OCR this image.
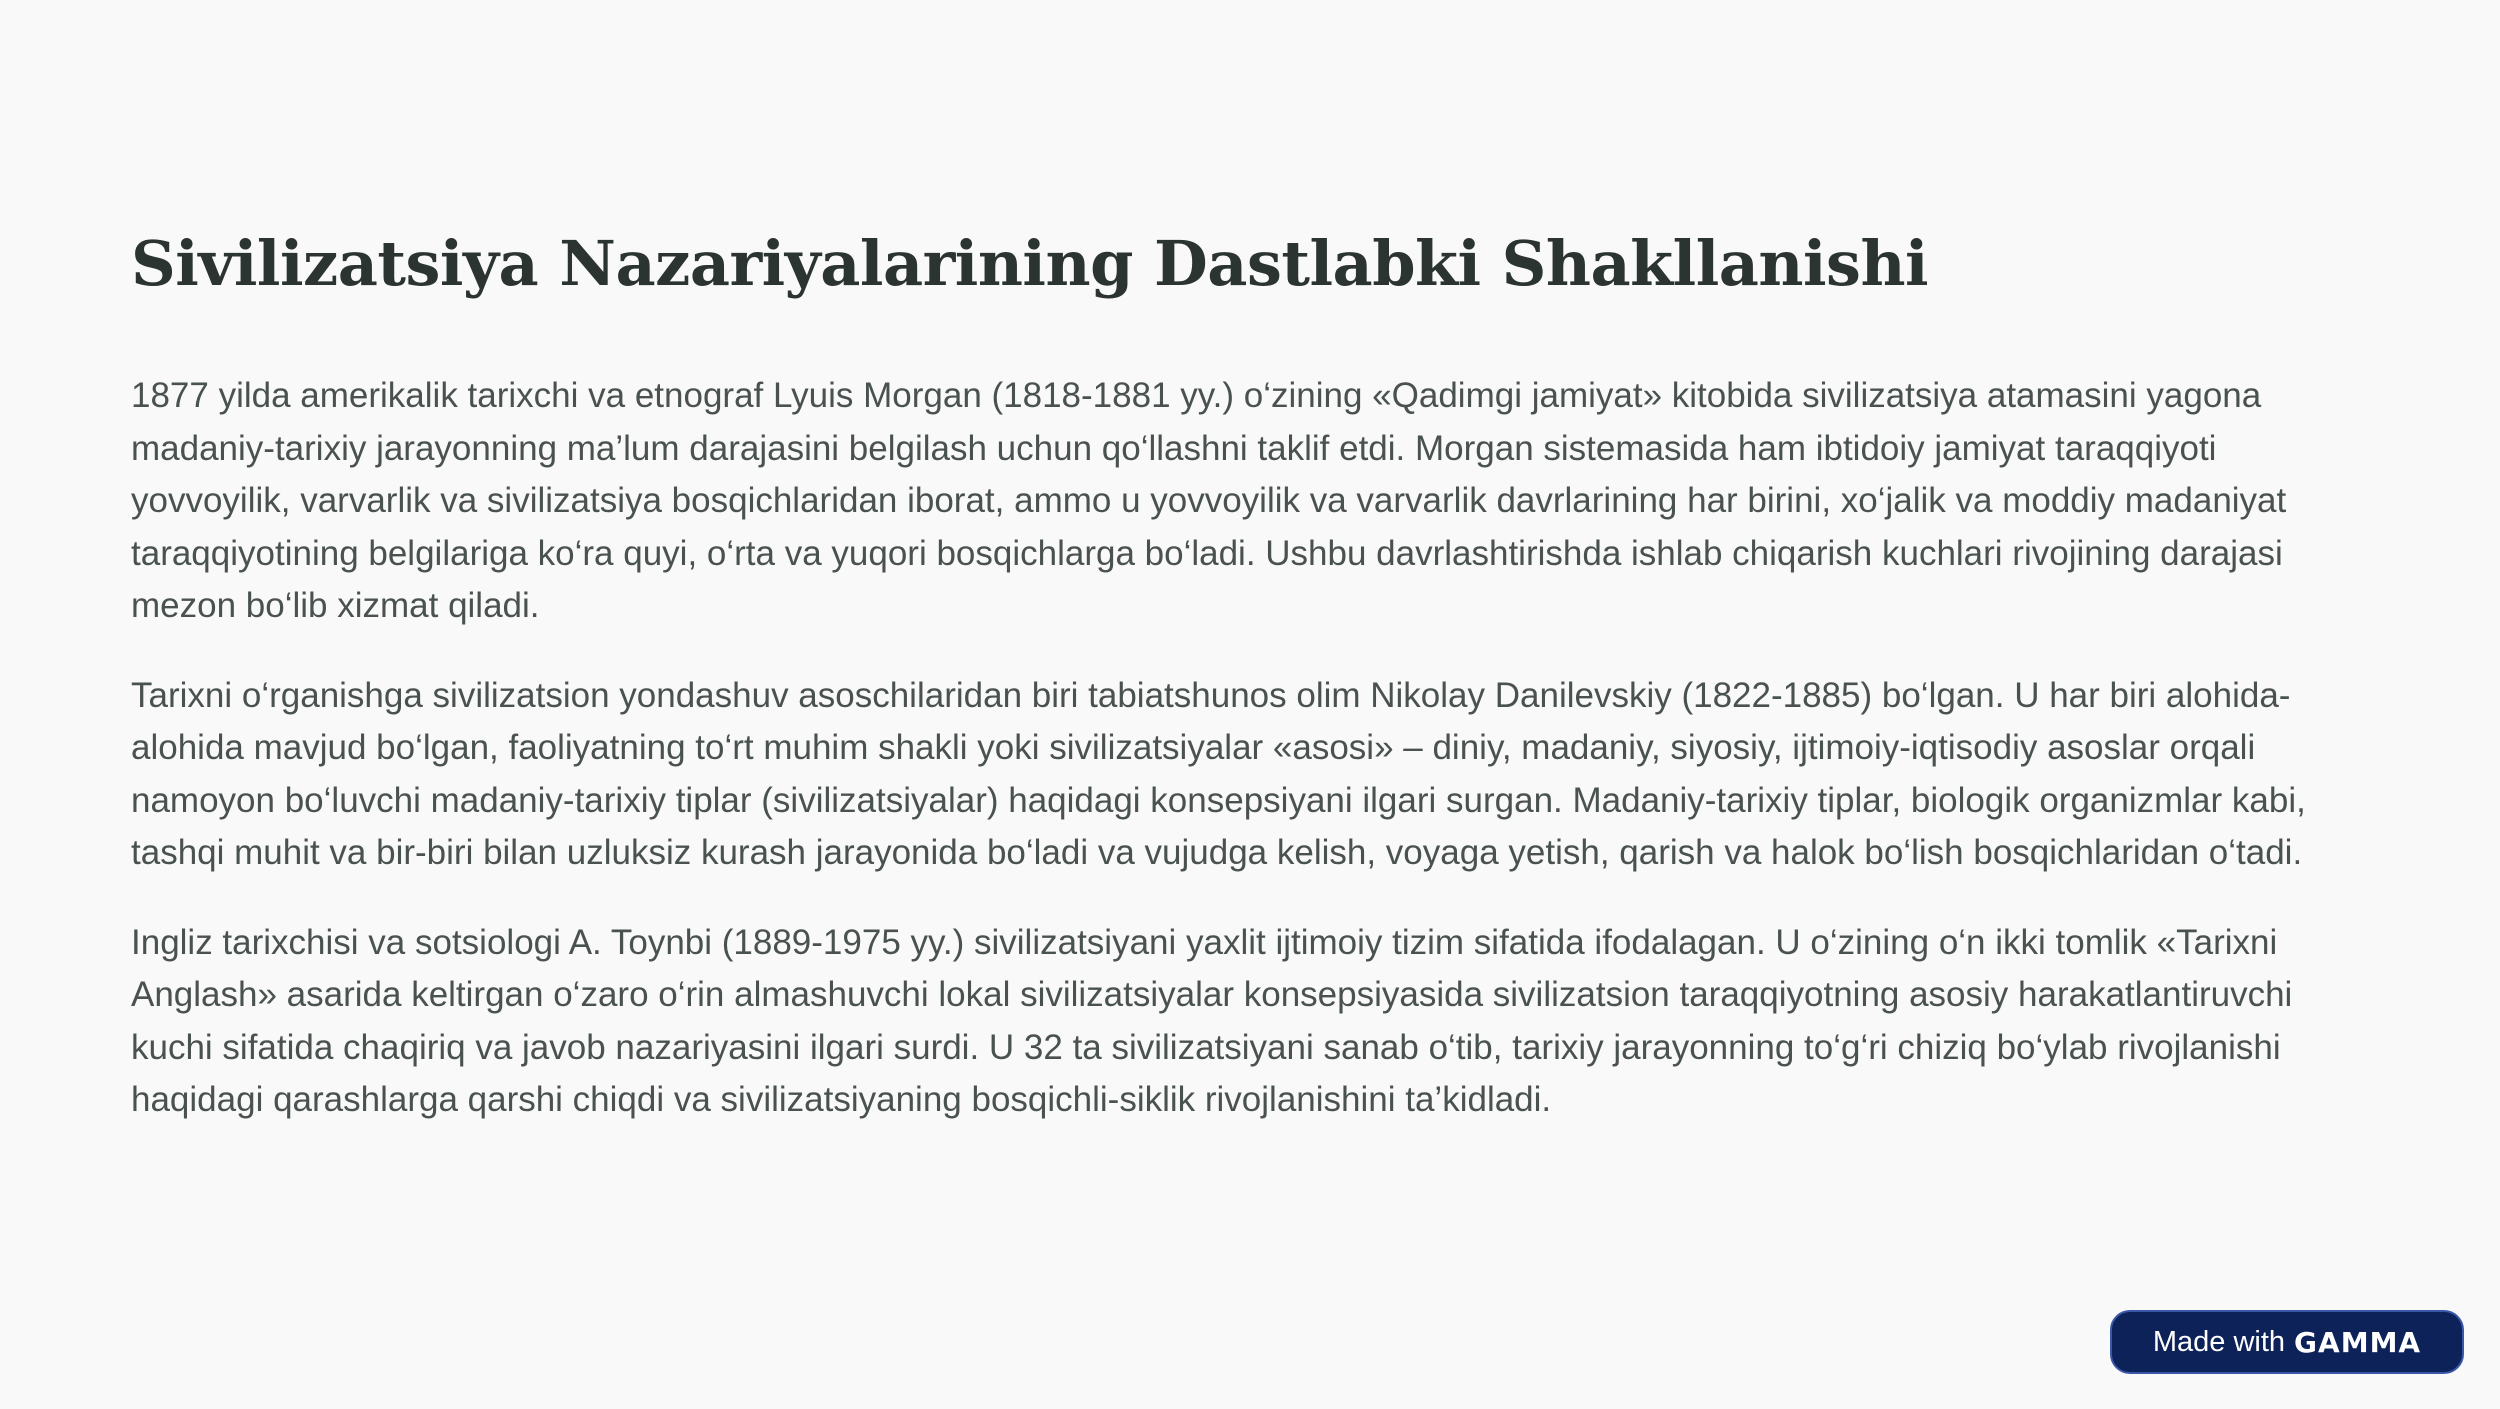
Sivilizatsiya Nazariyalarining Dastlabki Shakllanishi

1877 yilda amerikalik tarixchi va etnograf Lyuis Morgan (1818-1881 yy.) o‘zining «Qadimgi jamiyat» kitobida sivilizatsiya atamasini yagona madaniy-tarixiy jarayonning ma’lum darajasini belgilash uchun qo‘llashni taklif etdi. Morgan sistemasida ham ibtidoiy jamiyat taraqqiyoti yovvoyilik, varvarlik va sivilizatsiya bosqichlaridan iborat, ammo u yovvoyilik va varvarlik davrlarining har birini, xo‘jalik va moddiy madaniyat taraqqiyotining belgilariga ko‘ra quyi, o‘rta va yuqori bosqichlarga bo‘ladi. Ushbu davrlashtirishda ishlab chiqarish kuchlari rivojining darajasi mezon bo‘lib xizmat qiladi.

Tarixni o‘rganishga sivilizatsion yondashuv asoschilaridan biri tabiatshunos olim Nikolay Danilevskiy (1822-1885) bo‘lgan. U har biri alohida-alohida mavjud bo‘lgan, faoliyatning to‘rt muhim shakli yoki sivilizatsiyalar «asosi» – diniy, madaniy, siyosiy, ijtimoiy-iqtisodiy asoslar orqali namoyon bo‘luvchi madaniy-tarixiy tiplar (sivilizatsiyalar) haqidagi konsepsiyani ilgari surgan. Madaniy-tarixiy tiplar, biologik organizmlar kabi, tashqi muhit va bir-biri bilan uzluksiz kurash jarayonida bo‘ladi va vujudga kelish, voyaga yetish, qarish va halok bo‘lish bosqichlaridan o‘tadi.

Ingliz tarixchisi va sotsiologi A. Toynbi (1889-1975 yy.) sivilizatsiyani yaxlit ijtimoiy tizim sifatida ifodalagan. U o‘zining o‘n ikki tomlik «Tarixni Anglash» asarida keltirgan o‘zaro o‘rin almashuvchi lokal sivilizatsiyalar konsepsiyasida sivilizatsion taraqqiyotning asosiy harakatlantiruvchi kuchi sifatida chaqiriq va javob nazariyasini ilgari surdi. U 32 ta sivilizatsiyani sanab o‘tib, tarixiy jarayonning to‘g‘ri chiziq bo‘ylab rivojlanishi haqidagi qarashlarga qarshi chiqdi va sivilizatsiyaning bosqichli-siklik rivojlanishini ta’kidladi.

Made with GAMMA
